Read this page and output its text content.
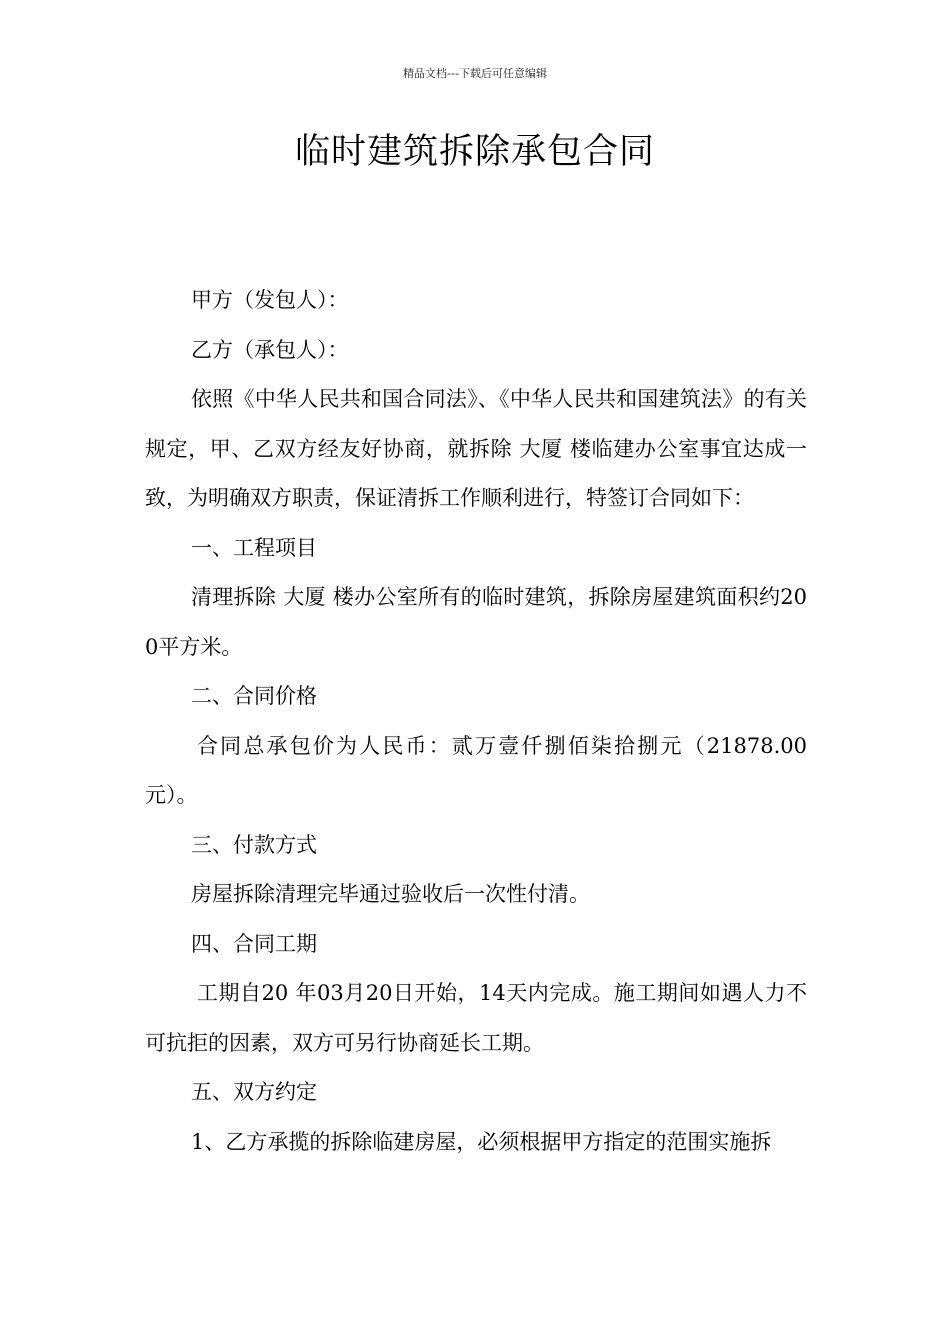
精品文档---下载后可任意编辑
临时建筑拆除承包合同

甲方（发包人）：

乙方（承包人）：

依照《中华人民共和国合同法》、《中华人民共和国建筑法》的有关规定，甲、乙双方经友好协商，就拆除 大厦 楼临建办公室事宜达成一致，为明确双方职责，保证清拆工作顺利进行，特签订合同如下：

一、工程项目

清理拆除 大厦 楼办公室所有的临时建筑，拆除房屋建筑面积约200平方米。

二、合同价格

合同总承包价为人民币：贰万壹仟捌佰柒拾捌元（21878.00元）。

三、付款方式

房屋拆除清理完毕通过验收后一次性付清。

四、合同工期

工期自20 年03月20日开始，14天内完成。施工期间如遇人力不可抗拒的因素，双方可另行协商延长工期。

五、双方约定

1、乙方承揽的拆除临建房屋，必须根据甲方指定的范围实施拆
